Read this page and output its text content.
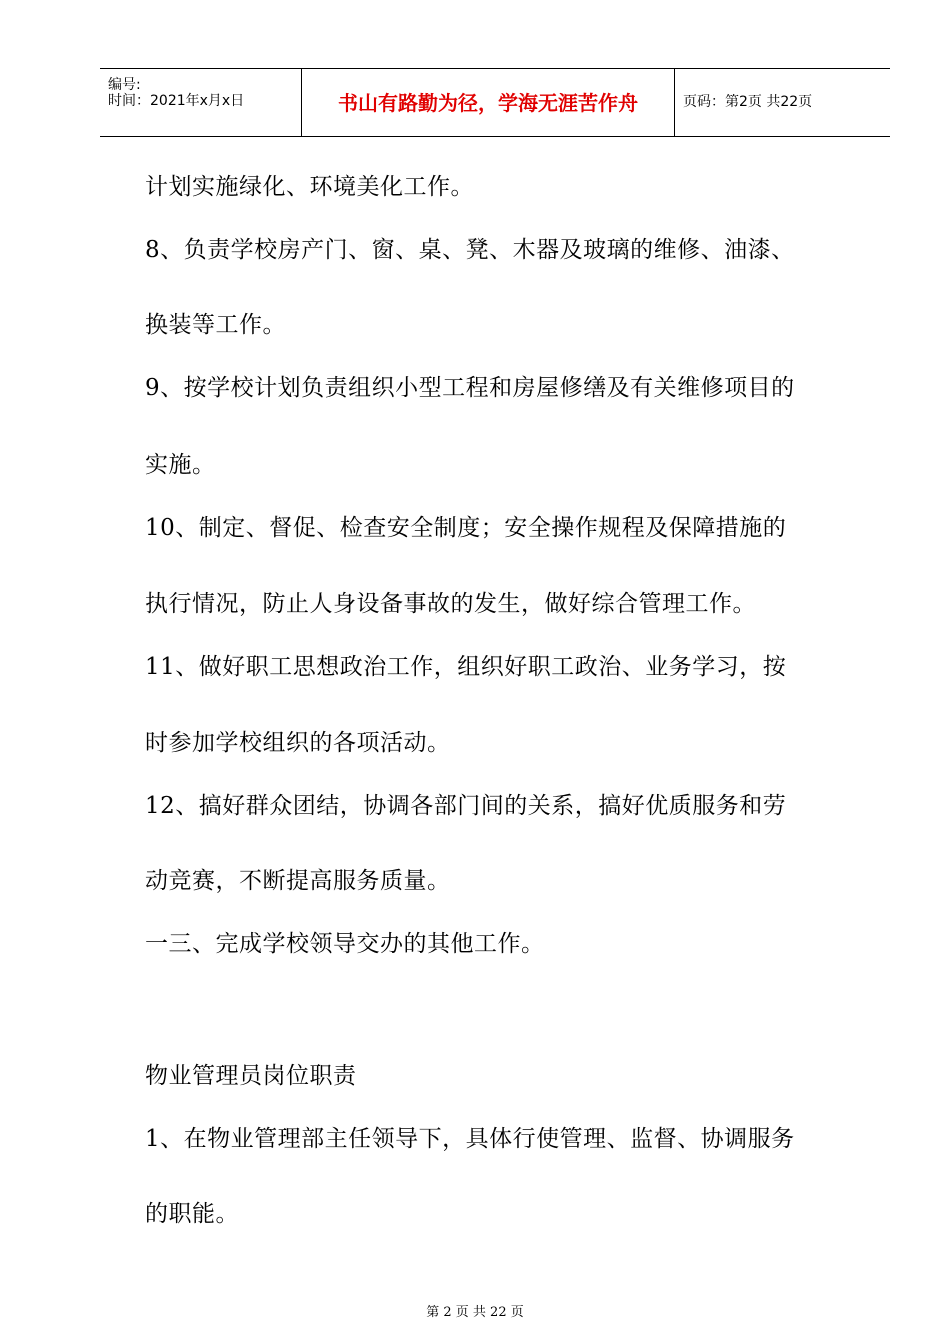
编号:
时间：2021年x月x日	书山有路勤为径，学海无涯苦作舟	页码：第2页 共22页
计划实施绿化、环境美化工作。
8、负责学校房产门、窗、桌、凳、木器及玻璃的维修、油漆、
换装等工作。
9、按学校计划负责组织小型工程和房屋修缮及有关维修项目的
实施。
10、制定、督促、检查安全制度；安全操作规程及保障措施的
执行情况，防止人身设备事故的发生，做好综合管理工作。
11、做好职工思想政治工作，组织好职工政治、业务学习，按
时参加学校组织的各项活动。
12、搞好群众团结，协调各部门间的关系，搞好优质服务和劳
动竞赛，不断提高服务质量。
一三、完成学校领导交办的其他工作。
物业管理员岗位职责
1、在物业管理部主任领导下，具体行使管理、监督、协调服务
的职能。
第 2 页 共 22 页
